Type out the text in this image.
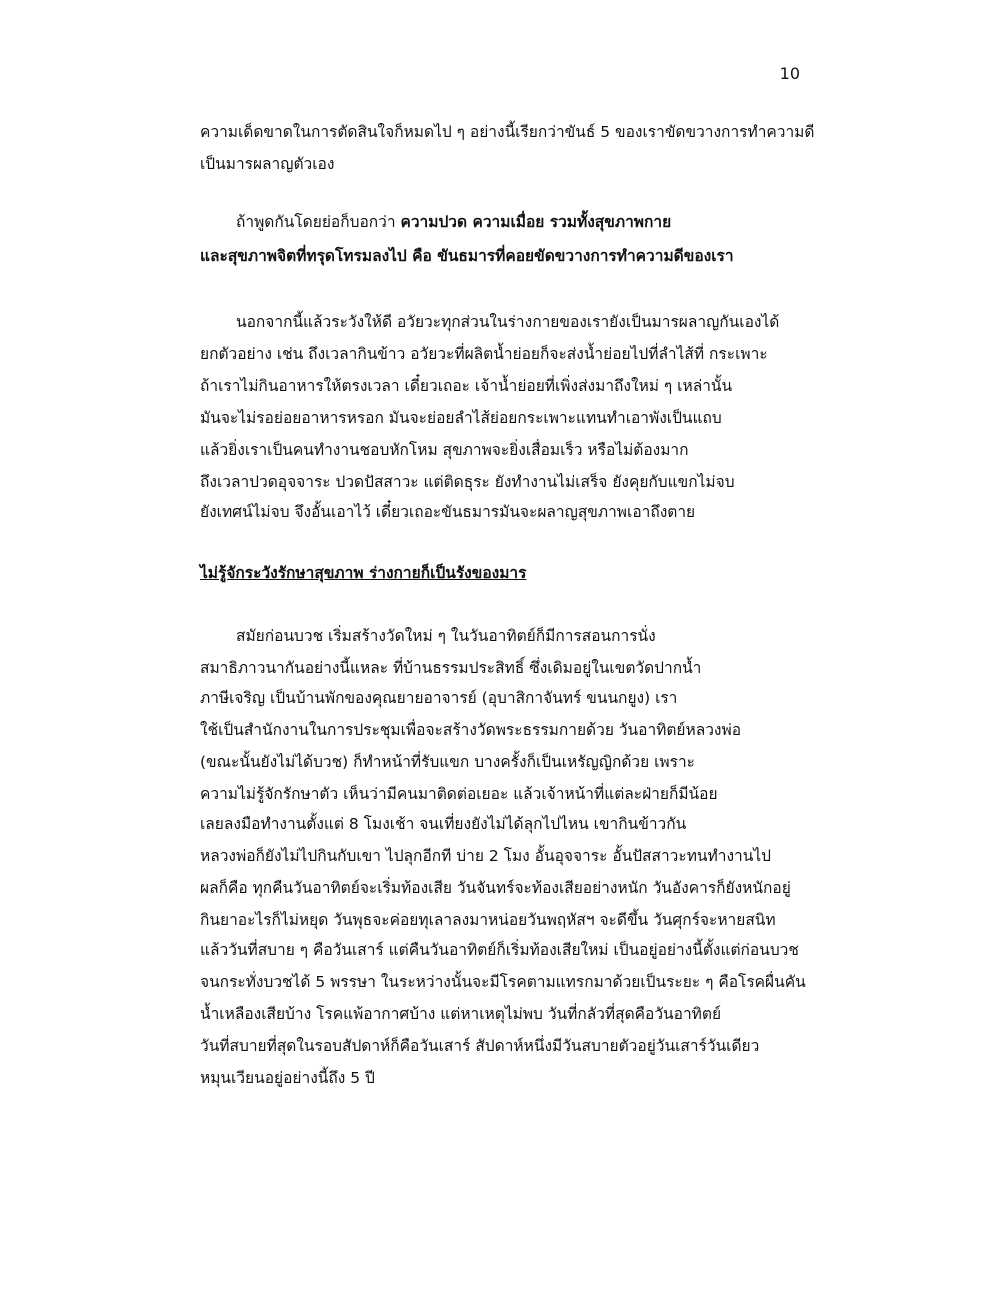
10
ความเด็ดขาดในการตัดสินใจก็หมดไป ๆ อย่างนี้เรียกว่าขันธ์ 5 ของเราขัดขวางการทำความดี
เป็นมารผลาญตัวเอง
ถ้าพูดกันโดยย่อก็บอกว่า ความปวด ความเมื่อย รวมทั้งสุขภาพกาย
และสุขภาพจิตที่ทรุดโทรมลงไป คือ ขันธมารที่คอยขัดขวางการทำความดีของเรา
นอกจากนี้แล้วระวังให้ดี อวัยวะทุกส่วนในร่างกายของเรายังเป็นมารผลาญกันเองได้
ยกตัวอย่าง เช่น ถึงเวลากินข้าว อวัยวะที่ผลิตน้ำย่อยก็จะส่งน้ำย่อยไปที่ลำไส้ที่ กระเพาะ
ถ้าเราไม่กินอาหารให้ตรงเวลา เดี๋ยวเถอะ เจ้าน้ำย่อยที่เพิ่งส่งมาถึงใหม่ ๆ เหล่านั้น
มันจะไม่รอย่อยอาหารหรอก มันจะย่อยลำไส้ย่อยกระเพาะแทนทำเอาพังเป็นแถบ
แล้วยิ่งเราเป็นคนทำงานชอบหักโหม สุขภาพจะยิ่งเสื่อมเร็ว หรือไม่ต้องมาก
ถึงเวลาปวดอุจจาระ ปวดปัสสาวะ แต่ติดธุระ ยังทำงานไม่เสร็จ ยังคุยกับแขกไม่จบ
ยังเทศน์ไม่จบ จึงอั้นเอาไว้ เดี๋ยวเถอะขันธมารมันจะผลาญสุขภาพเอาถึงตาย
ไม่รู้จักระวังรักษาสุขภาพ ร่างกายก็เป็นรังของมาร
สมัยก่อนบวช เริ่มสร้างวัดใหม่ ๆ ในวันอาทิตย์ก็มีการสอนการนั่ง
สมาธิภาวนากันอย่างนี้แหละ ที่บ้านธรรมประสิทธิ์ ซึ่งเดิมอยู่ในเขตวัดปากน้ำ
ภาษีเจริญ เป็นบ้านพักของคุณยายอาจารย์ (อุบาสิกาจันทร์ ขนนกยูง) เรา
ใช้เป็นสำนักงานในการประชุมเพื่อจะสร้างวัดพระธรรมกายด้วย วันอาทิตย์หลวงพ่อ
(ขณะนั้นยังไม่ได้บวช) ก็ทำหน้าที่รับแขก บางครั้งก็เป็นเหรัญญิกด้วย เพราะ
ความไม่รู้จักรักษาตัว เห็นว่ามีคนมาติดต่อเยอะ แล้วเจ้าหน้าที่แต่ละฝ่ายก็มีน้อย
เลยลงมือทำงานตั้งแต่ 8 โมงเช้า จนเที่ยงยังไม่ได้ลุกไปไหน เขากินข้าวกัน
หลวงพ่อก็ยังไม่ไปกินกับเขา ไปลุกอีกที บ่าย 2 โมง อั้นอุจจาระ อั้นปัสสาวะทนทำงานไป
ผลก็คือ ทุกคืนวันอาทิตย์จะเริ่มท้องเสีย วันจันทร์จะท้องเสียอย่างหนัก วันอังคารก็ยังหนักอยู่
กินยาอะไรก็ไม่หยุด วันพุธจะค่อยทุเลาลงมาหน่อยวันพฤหัสฯ จะดีขึ้น วันศุกร์จะหายสนิท
แล้ววันที่สบาย ๆ คือวันเสาร์ แต่คืนวันอาทิตย์ก็เริ่มท้องเสียใหม่ เป็นอยู่อย่างนี้ตั้งแต่ก่อนบวช
จนกระทั่งบวชได้ 5 พรรษา ในระหว่างนั้นจะมีโรคตามแทรกมาด้วยเป็นระยะ ๆ คือโรคผื่นคัน
น้ำเหลืองเสียบ้าง โรคแพ้อากาศบ้าง แต่หาเหตุไม่พบ วันที่กลัวที่สุดคือวันอาทิตย์
วันที่สบายที่สุดในรอบสัปดาห์ก็คือวันเสาร์ สัปดาห์หนึ่งมีวันสบายตัวอยู่วันเสาร์วันเดียว
หมุนเวียนอยู่อย่างนี้ถึง 5 ปี
